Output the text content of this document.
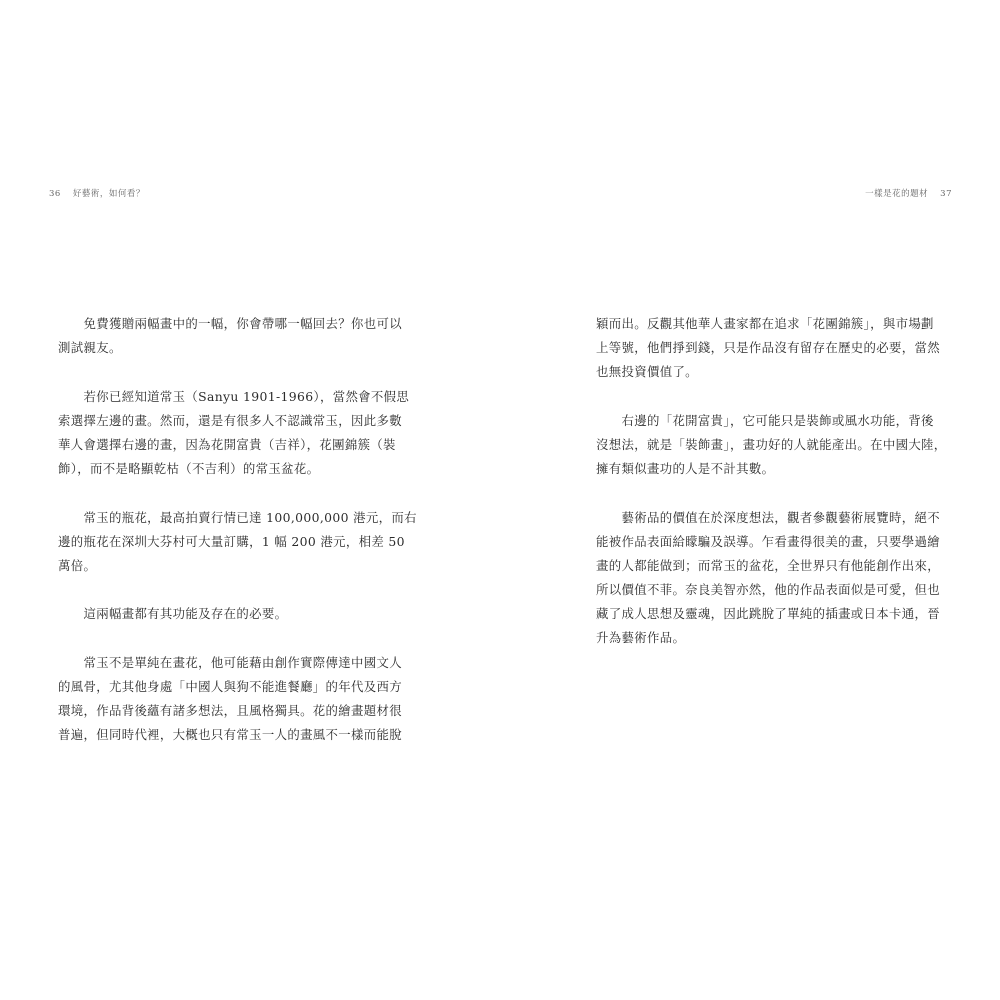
36 好藝術，如何看？
　　免費獲贈兩幅畫中的一幅，你會帶哪一幅回去？你也可以
測試親友。
　　若你已經知道常玉（Sanyu 1901-1966），當然會不假思
索選擇左邊的畫。然而，還是有很多人不認識常玉，因此多數
華人會選擇右邊的畫，因為花開富貴（吉祥），花團錦簇（裝
飾），而不是略顯乾枯（不吉利）的常玉盆花。
　　常玉的瓶花，最高拍賣行情已達 100,000,000 港元，而右
邊的瓶花在深圳大芬村可大量訂購，1 幅 200 港元，相差 50
萬倍。
　　這兩幅畫都有其功能及存在的必要。
　　常玉不是單純在畫花，他可能藉由創作實際傳達中國文人
的風骨，尤其他身處「中國人與狗不能進餐廳」的年代及西方
環境，作品背後蘊有諸多想法，且風格獨具。花的繪畫題材很
普遍，但同時代裡，大概也只有常玉一人的畫風不一樣而能脫
一樣是花的題材 37
穎而出。反觀其他華人畫家都在追求「花團錦簇」，與市場劃
上等號，他們掙到錢，只是作品沒有留存在歷史的必要，當然
也無投資價值了。
　　右邊的「花開富貴」，它可能只是裝飾或風水功能，背後
沒想法，就是「裝飾畫」，畫功好的人就能產出。在中國大陸，
擁有類似畫功的人是不計其數。
　　藝術品的價值在於深度想法，觀者參觀藝術展覽時，絕不
能被作品表面給矇騙及誤導。乍看畫得很美的畫，只要學過繪
畫的人都能做到；而常玉的盆花，全世界只有他能創作出來，
所以價值不菲。奈良美智亦然，他的作品表面似是可愛，但也
藏了成人思想及靈魂，因此跳脫了單純的插畫或日本卡通，晉
升為藝術作品。
